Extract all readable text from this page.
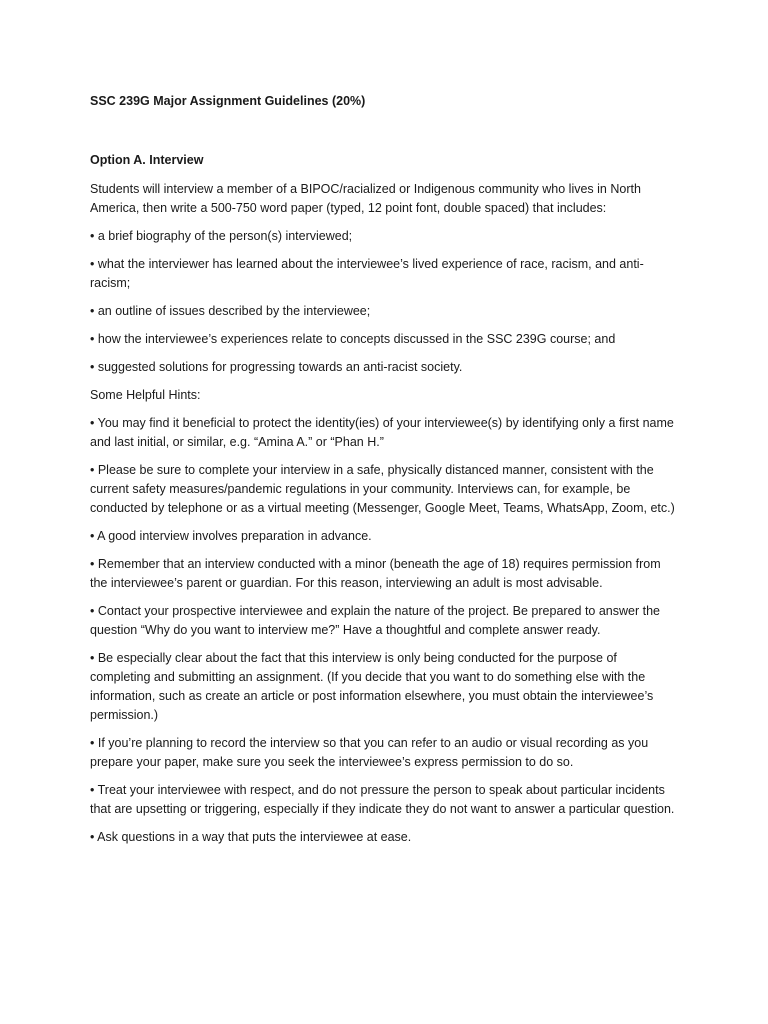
SSC 239G Major Assignment Guidelines (20%)
Option A. Interview

Students will interview a member of a BIPOC/racialized or Indigenous community who lives in North America, then write a 500-750 word paper (typed, 12 point font, double spaced) that includes:

• a brief biography of the person(s) interviewed;

• what the interviewer has learned about the interviewee’s lived experience of race, racism, and anti-racism;

• an outline of issues described by the interviewee;

• how the interviewee’s experiences relate to concepts discussed in the SSC 239G course; and

• suggested solutions for progressing towards an anti-racist society.

Some Helpful Hints:

• You may find it beneficial to protect the identity(ies) of your interviewee(s) by identifying only a first name and last initial, or similar, e.g. “Amina A.” or “Phan H.”

• Please be sure to complete your interview in a safe, physically distanced manner, consistent with the current safety measures/pandemic regulations in your community. Interviews can, for example, be conducted by telephone or as a virtual meeting (Messenger, Google Meet, Teams, WhatsApp, Zoom, etc.)

• A good interview involves preparation in advance.

• Remember that an interview conducted with a minor (beneath the age of 18) requires permission from the interviewee’s parent or guardian. For this reason, interviewing an adult is most advisable.

• Contact your prospective interviewee and explain the nature of the project. Be prepared to answer the question “Why do you want to interview me?” Have a thoughtful and complete answer ready.

• Be especially clear about the fact that this interview is only being conducted for the purpose of completing and submitting an assignment. (If you decide that you want to do something else with the information, such as create an article or post information elsewhere, you must obtain the interviewee’s permission.)

• If you’re planning to record the interview so that you can refer to an audio or visual recording as you prepare your paper, make sure you seek the interviewee’s express permission to do so.

• Treat your interviewee with respect, and do not pressure the person to speak about particular incidents that are upsetting or triggering, especially if they indicate they do not want to answer a particular question.

• Ask questions in a way that puts the interviewee at ease.
